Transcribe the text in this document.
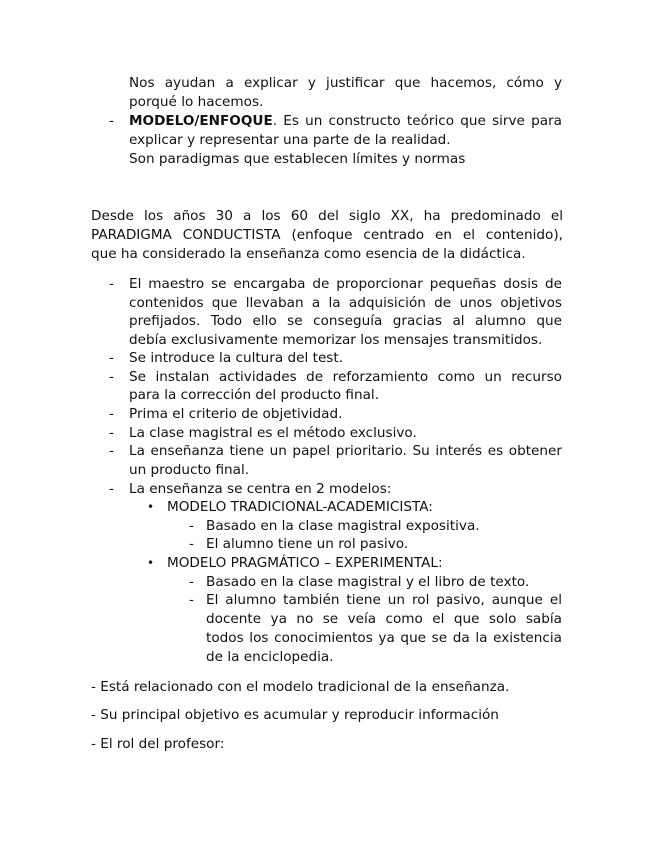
Nos ayudan a explicar y justificar que hacemos, cómo y
porqué lo hacemos.
- MODELO/ENFOQUE. Es un constructo teórico que sirve para
explicar y representar una parte de la realidad.
Son paradigmas que establecen límites y normas
Desde los años 30 a los 60 del siglo XX, ha predominado el
PARADIGMA CONDUCTISTA (enfoque centrado en el contenido),
que ha considerado la enseñanza como esencia de la didáctica.
- El maestro se encargaba de proporcionar pequeñas dosis de
contenidos que llevaban a la adquisición de unos objetivos
prefijados. Todo ello se conseguía gracias al alumno que
debía exclusivamente memorizar los mensajes transmitidos.
- Se introduce la cultura del test.
- Se instalan actividades de reforzamiento como un recurso
para la corrección del producto final.
- Prima el criterio de objetividad.
- La clase magistral es el método exclusivo.
- La enseñanza tiene un papel prioritario. Su interés es obtener
un producto final.
- La enseñanza se centra en 2 modelos:
• MODELO TRADICIONAL-ACADEMICISTA:
- Basado en la clase magistral expositiva.
- El alumno tiene un rol pasivo.
• MODELO PRAGMÁTICO – EXPERIMENTAL:
- Basado en la clase magistral y el libro de texto.
- El alumno también tiene un rol pasivo, aunque el
docente ya no se veía como el que solo sabía
todos los conocimientos ya que se da la existencia
de la enciclopedia.
- Está relacionado con el modelo tradicional de la enseñanza.
- Su principal objetivo es acumular y reproducir información
- El rol del profesor:
